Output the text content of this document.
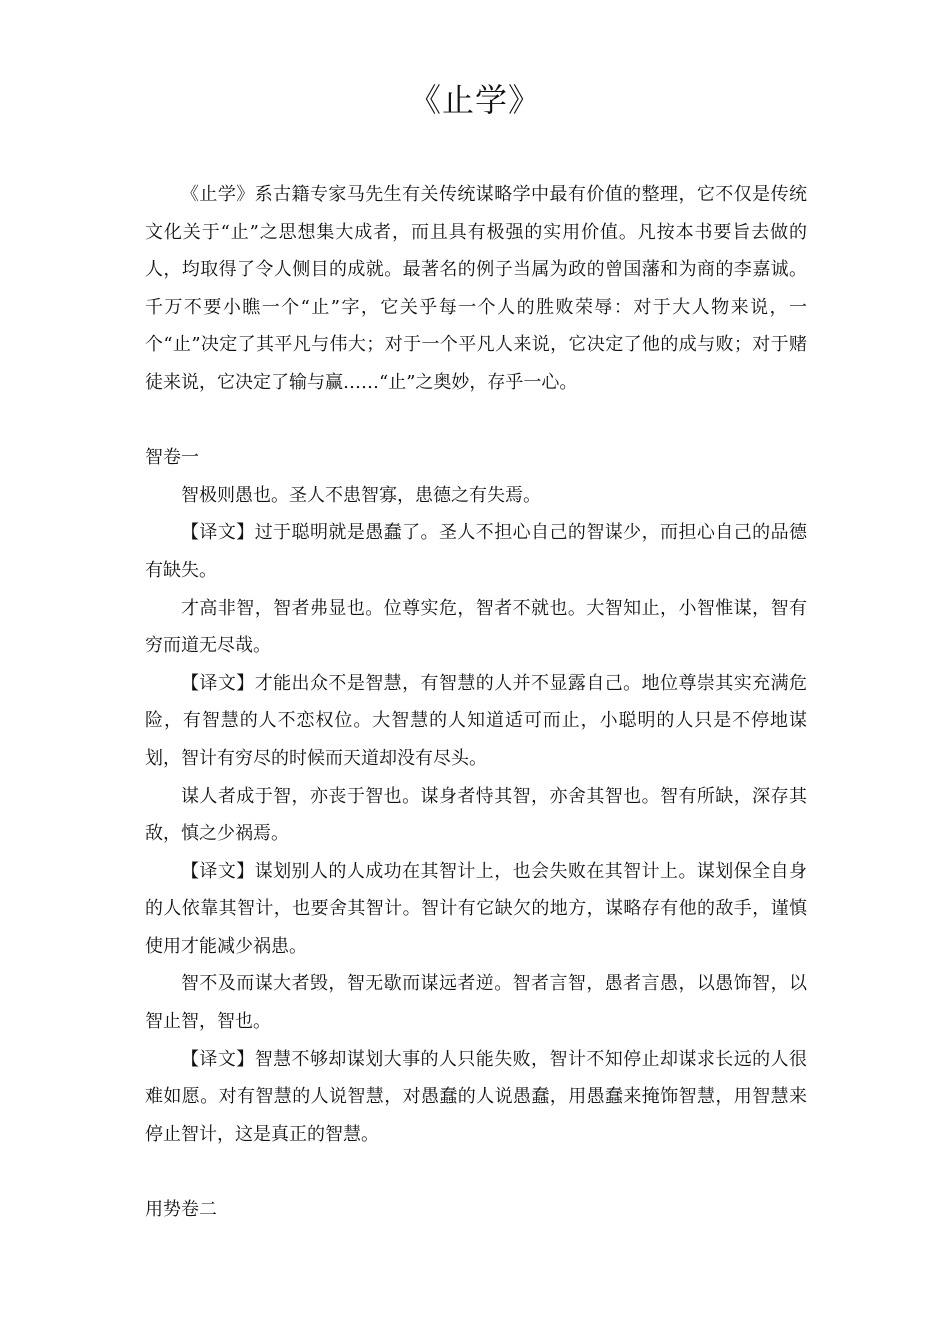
《止学》

《止学》系古籍专家马先生有关传统谋略学中最有价值的整理，它不仅是传统文化关于“止”之思想集大成者，而且具有极强的实用价值。凡按本书要旨去做的人，均取得了令人侧目的成就。最著名的例子当属为政的曾国藩和为商的李嘉诚。千万不要小瞧一个“止”字，它关乎每一个人的胜败荣辱：对于大人物来说，一个“止”决定了其平凡与伟大；对于一个平凡人来说，它决定了他的成与败；对于赌徒来说，它决定了输与赢……“止”之奥妙，存乎一心。

智卷一

智极则愚也。圣人不患智寡，患德之有失焉。

【译文】过于聪明就是愚蠢了。圣人不担心自己的智谋少，而担心自己的品德有缺失。

才高非智，智者弗显也。位尊实危，智者不就也。大智知止，小智惟谋，智有穷而道无尽哉。

【译文】才能出众不是智慧，有智慧的人并不显露自己。地位尊崇其实充满危险，有智慧的人不恋权位。大智慧的人知道适可而止，小聪明的人只是不停地谋划，智计有穷尽的时候而天道却没有尽头。

谋人者成于智，亦丧于智也。谋身者恃其智，亦舍其智也。智有所缺，深存其敌，慎之少祸焉。

【译文】谋划别人的人成功在其智计上，也会失败在其智计上。谋划保全自身的人依靠其智计，也要舍其智计。智计有它缺欠的地方，谋略存有他的敌手，谨慎使用才能减少祸患。

智不及而谋大者毁，智无歇而谋远者逆。智者言智，愚者言愚，以愚饰智，以智止智，智也。

【译文】智慧不够却谋划大事的人只能失败，智计不知停止却谋求长远的人很难如愿。对有智慧的人说智慧，对愚蠢的人说愚蠢，用愚蠢来掩饰智慧，用智慧来停止智计，这是真正的智慧。

用势卷二
